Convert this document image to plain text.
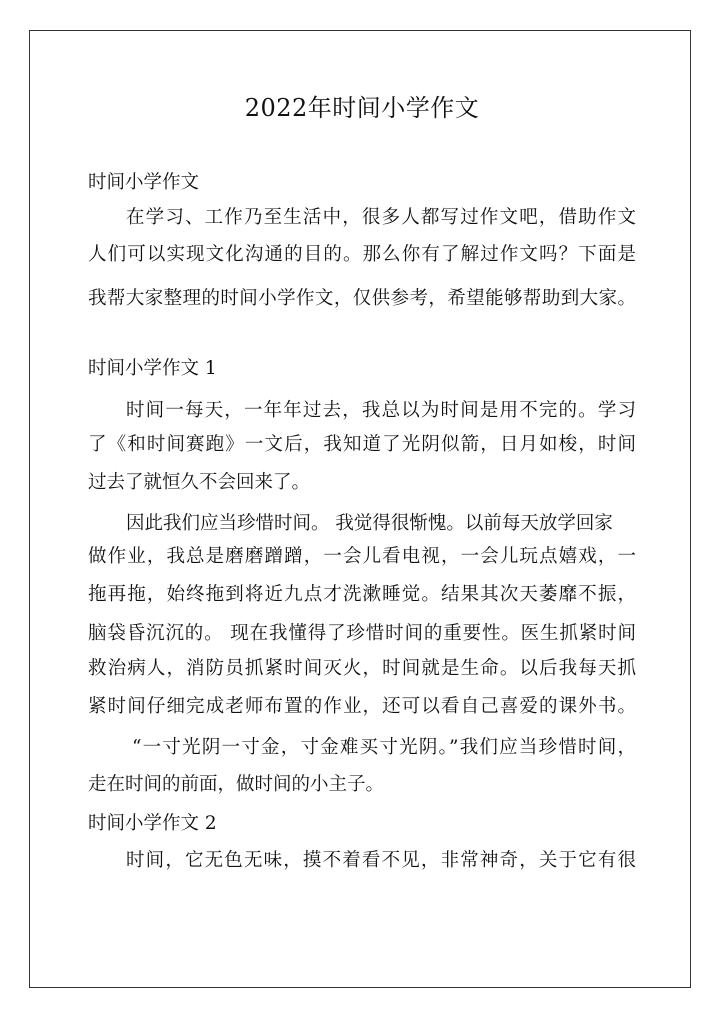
2022年时间小学作文
时间小学作文
在学习、工作乃至生活中，很多人都写过作文吧，借助作文
人们可以实现文化沟通的目的。那么你有了解过作文吗？下面是
我帮大家整理的时间小学作文，仅供参考，希望能够帮助到大家。
时间小学作文 1
时间一每天，一年年过去，我总以为时间是用不完的。学习
了《和时间赛跑》一文后，我知道了光阴似箭，日月如梭，时间
过去了就恒久不会回来了。
因此我们应当珍惜时间。 我觉得很惭愧。以前每天放学回家
做作业，我总是磨磨蹭蹭，一会儿看电视，一会儿玩点嬉戏，一
拖再拖，始终拖到将近九点才洗漱睡觉。结果其次天萎靡不振，
脑袋昏沉沉的。 现在我懂得了珍惜时间的重要性。医生抓紧时间
救治病人，消防员抓紧时间灭火，时间就是生命。以后我每天抓
紧时间仔细完成老师布置的作业，还可以看自己喜爱的课外书。
“一寸光阴一寸金，寸金难买寸光阴。”我们应当珍惜时间，
走在时间的前面，做时间的小主子。
时间小学作文 2
时间，它无色无味，摸不着看不见，非常神奇，关于它有很
